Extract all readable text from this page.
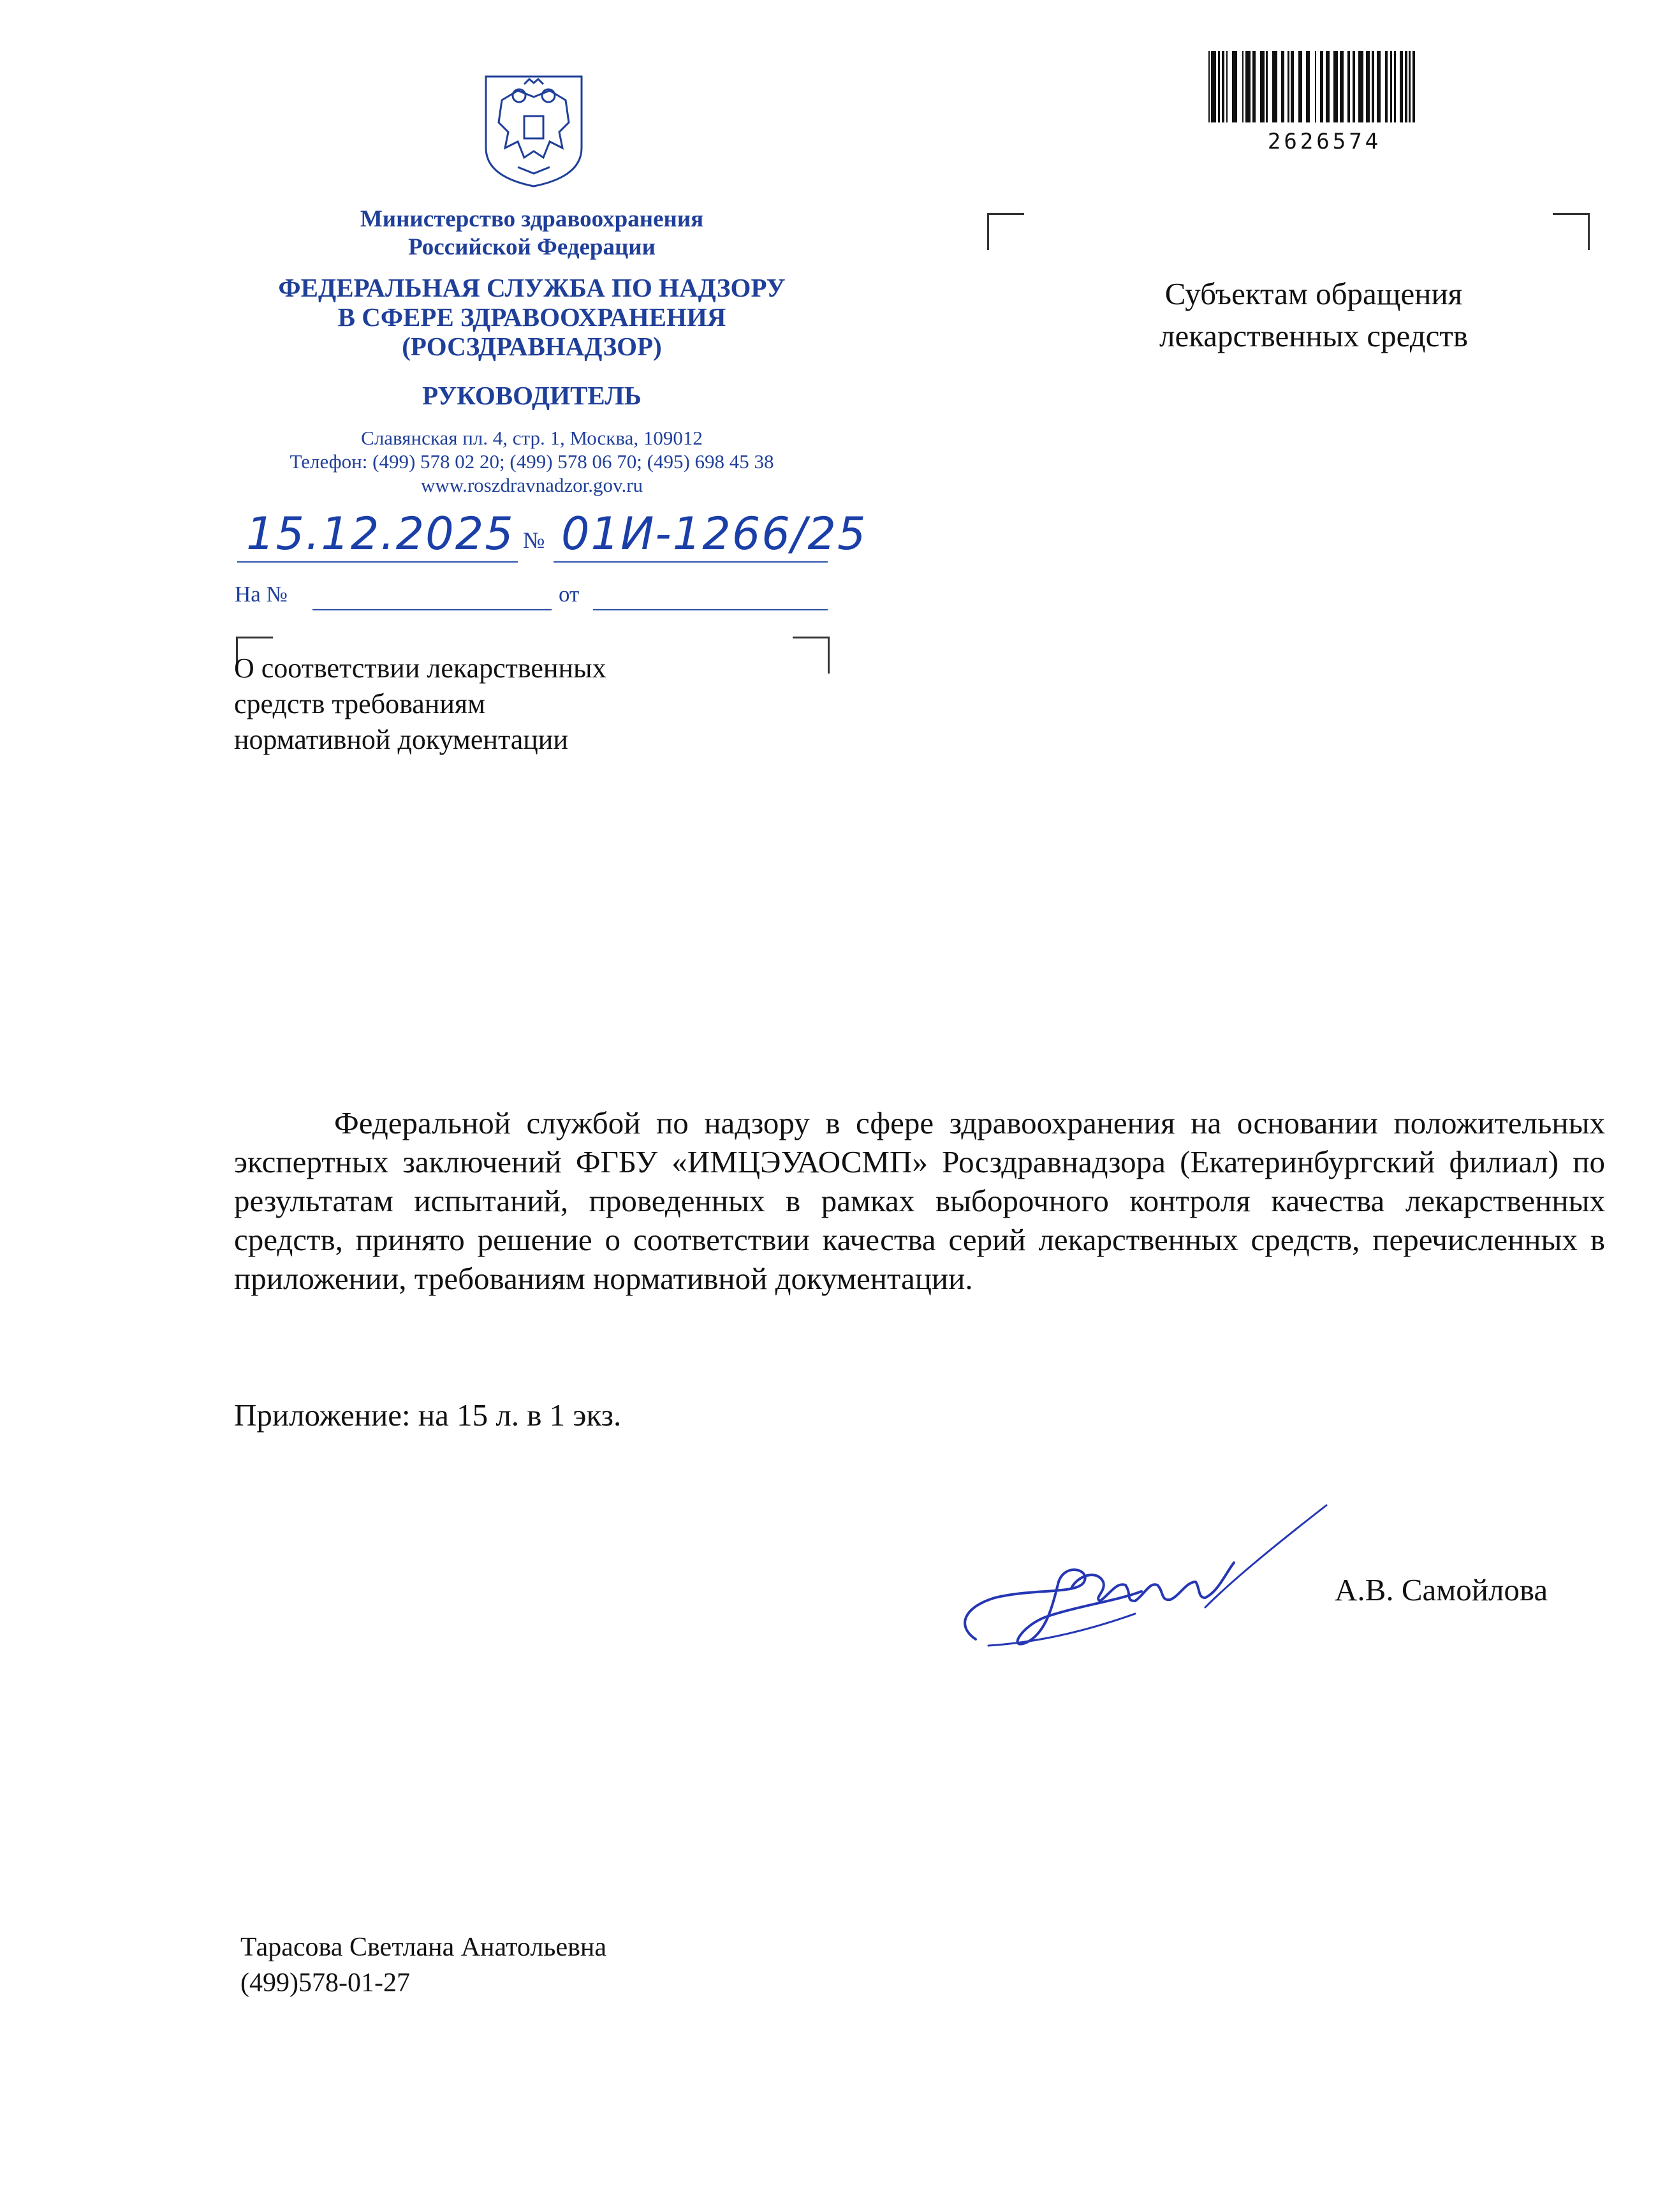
2626574
Министерство здравоохранения
Российской Федерации
ФЕДЕРАЛЬНАЯ СЛУЖБА ПО НАДЗОРУ
В СФЕРЕ ЗДРАВООХРАНЕНИЯ
(РОСЗДРАВНАДЗОР)
РУКОВОДИТЕЛЬ
Славянская пл. 4, стр. 1, Москва, 109012
Телефон: (499) 578 02 20; (499) 578 06 70; (495) 698 45 38
www.roszdravnadzor.gov.ru
15.12.2025 № 01И-1266/25
На №	от
Субъектам обращения
лекарственных средств
О соответствии лекарственных
средств требованиям
нормативной документации
Федеральной службой по надзору в сфере здравоохранения на основании положительных экспертных заключений ФГБУ «ИМЦЭУАОСМП» Росздравнадзора (Екатеринбургский филиал) по результатам испытаний, проведенных в рамках выборочного контроля качества лекарственных средств, принято решение о соответствии качества серий лекарственных средств, перечисленных в приложении, требованиям нормативной документации.
Приложение: на 15 л. в 1 экз.
А.В. Самойлова
Тарасова Светлана Анатольевна
(499)578-01-27
